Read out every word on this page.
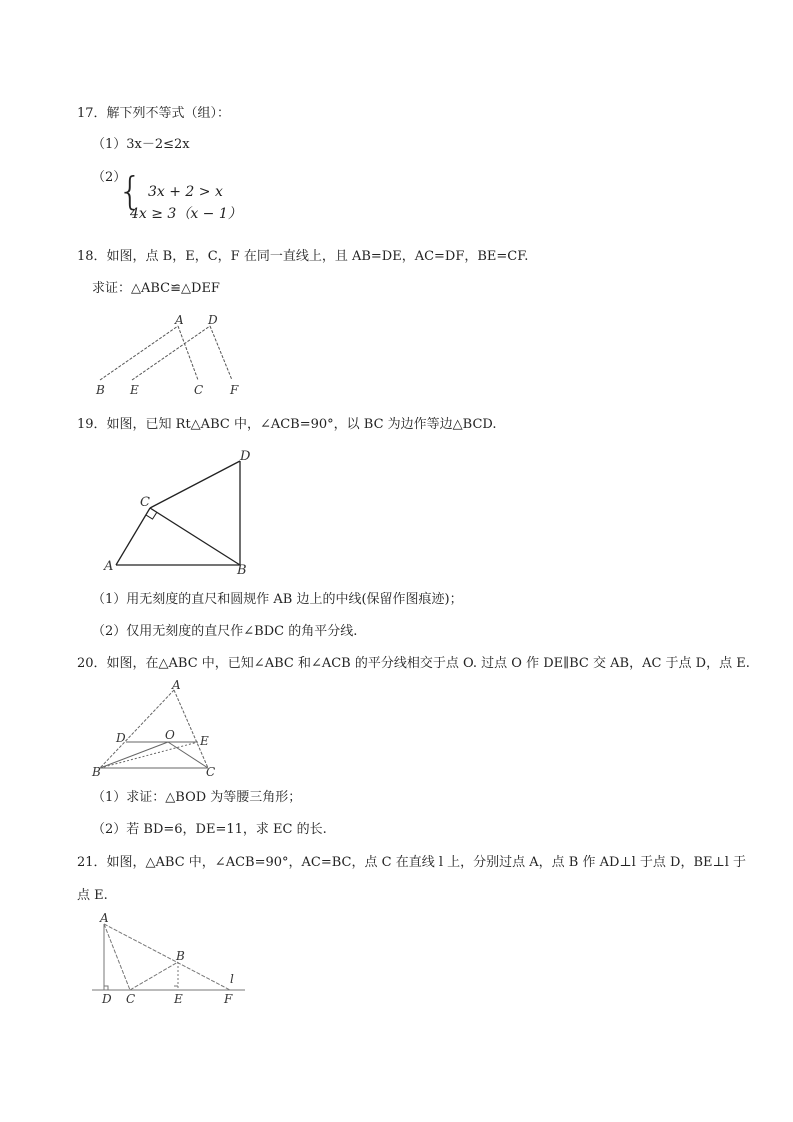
17．解下列不等式（组）：
（1）3x－2≤2x
（2）
{ 3x + 2 > x
4x ≥ 3（x − 1）
18．如图，点 B，E，C，F 在同一直线上，且 AB=DE，AC=DF，BE=CF.
求证：△ABC≌△DEF
A D
B E	C F
19．如图，已知 Rt△ABC 中，∠ACB=90°，以 BC 为边作等边△BCD.
D
C
A	B
（1）用无刻度的直尺和圆规作 AB 边上的中线(保留作图痕迹)；
（2）仅用无刻度的直尺作∠BDC 的角平分线.
20．如图，在△ABC 中，已知∠ABC 和∠ACB 的平分线相交于点 O. 过点 O 作 DE∥BC 交 AB，AC 于点 D，点 E.
A
D	O E
B	C
（1）求证：△BOD 为等腰三角形；
（2）若 BD=6，DE=11，求 EC 的长.
21．如图，△ABC 中，∠ACB=90°，AC=BC，点 C 在直线 l 上，分别过点 A，点 B 作 AD⊥l 于点 D，BE⊥l 于
点 E.
A
B
l
D C	E	F
